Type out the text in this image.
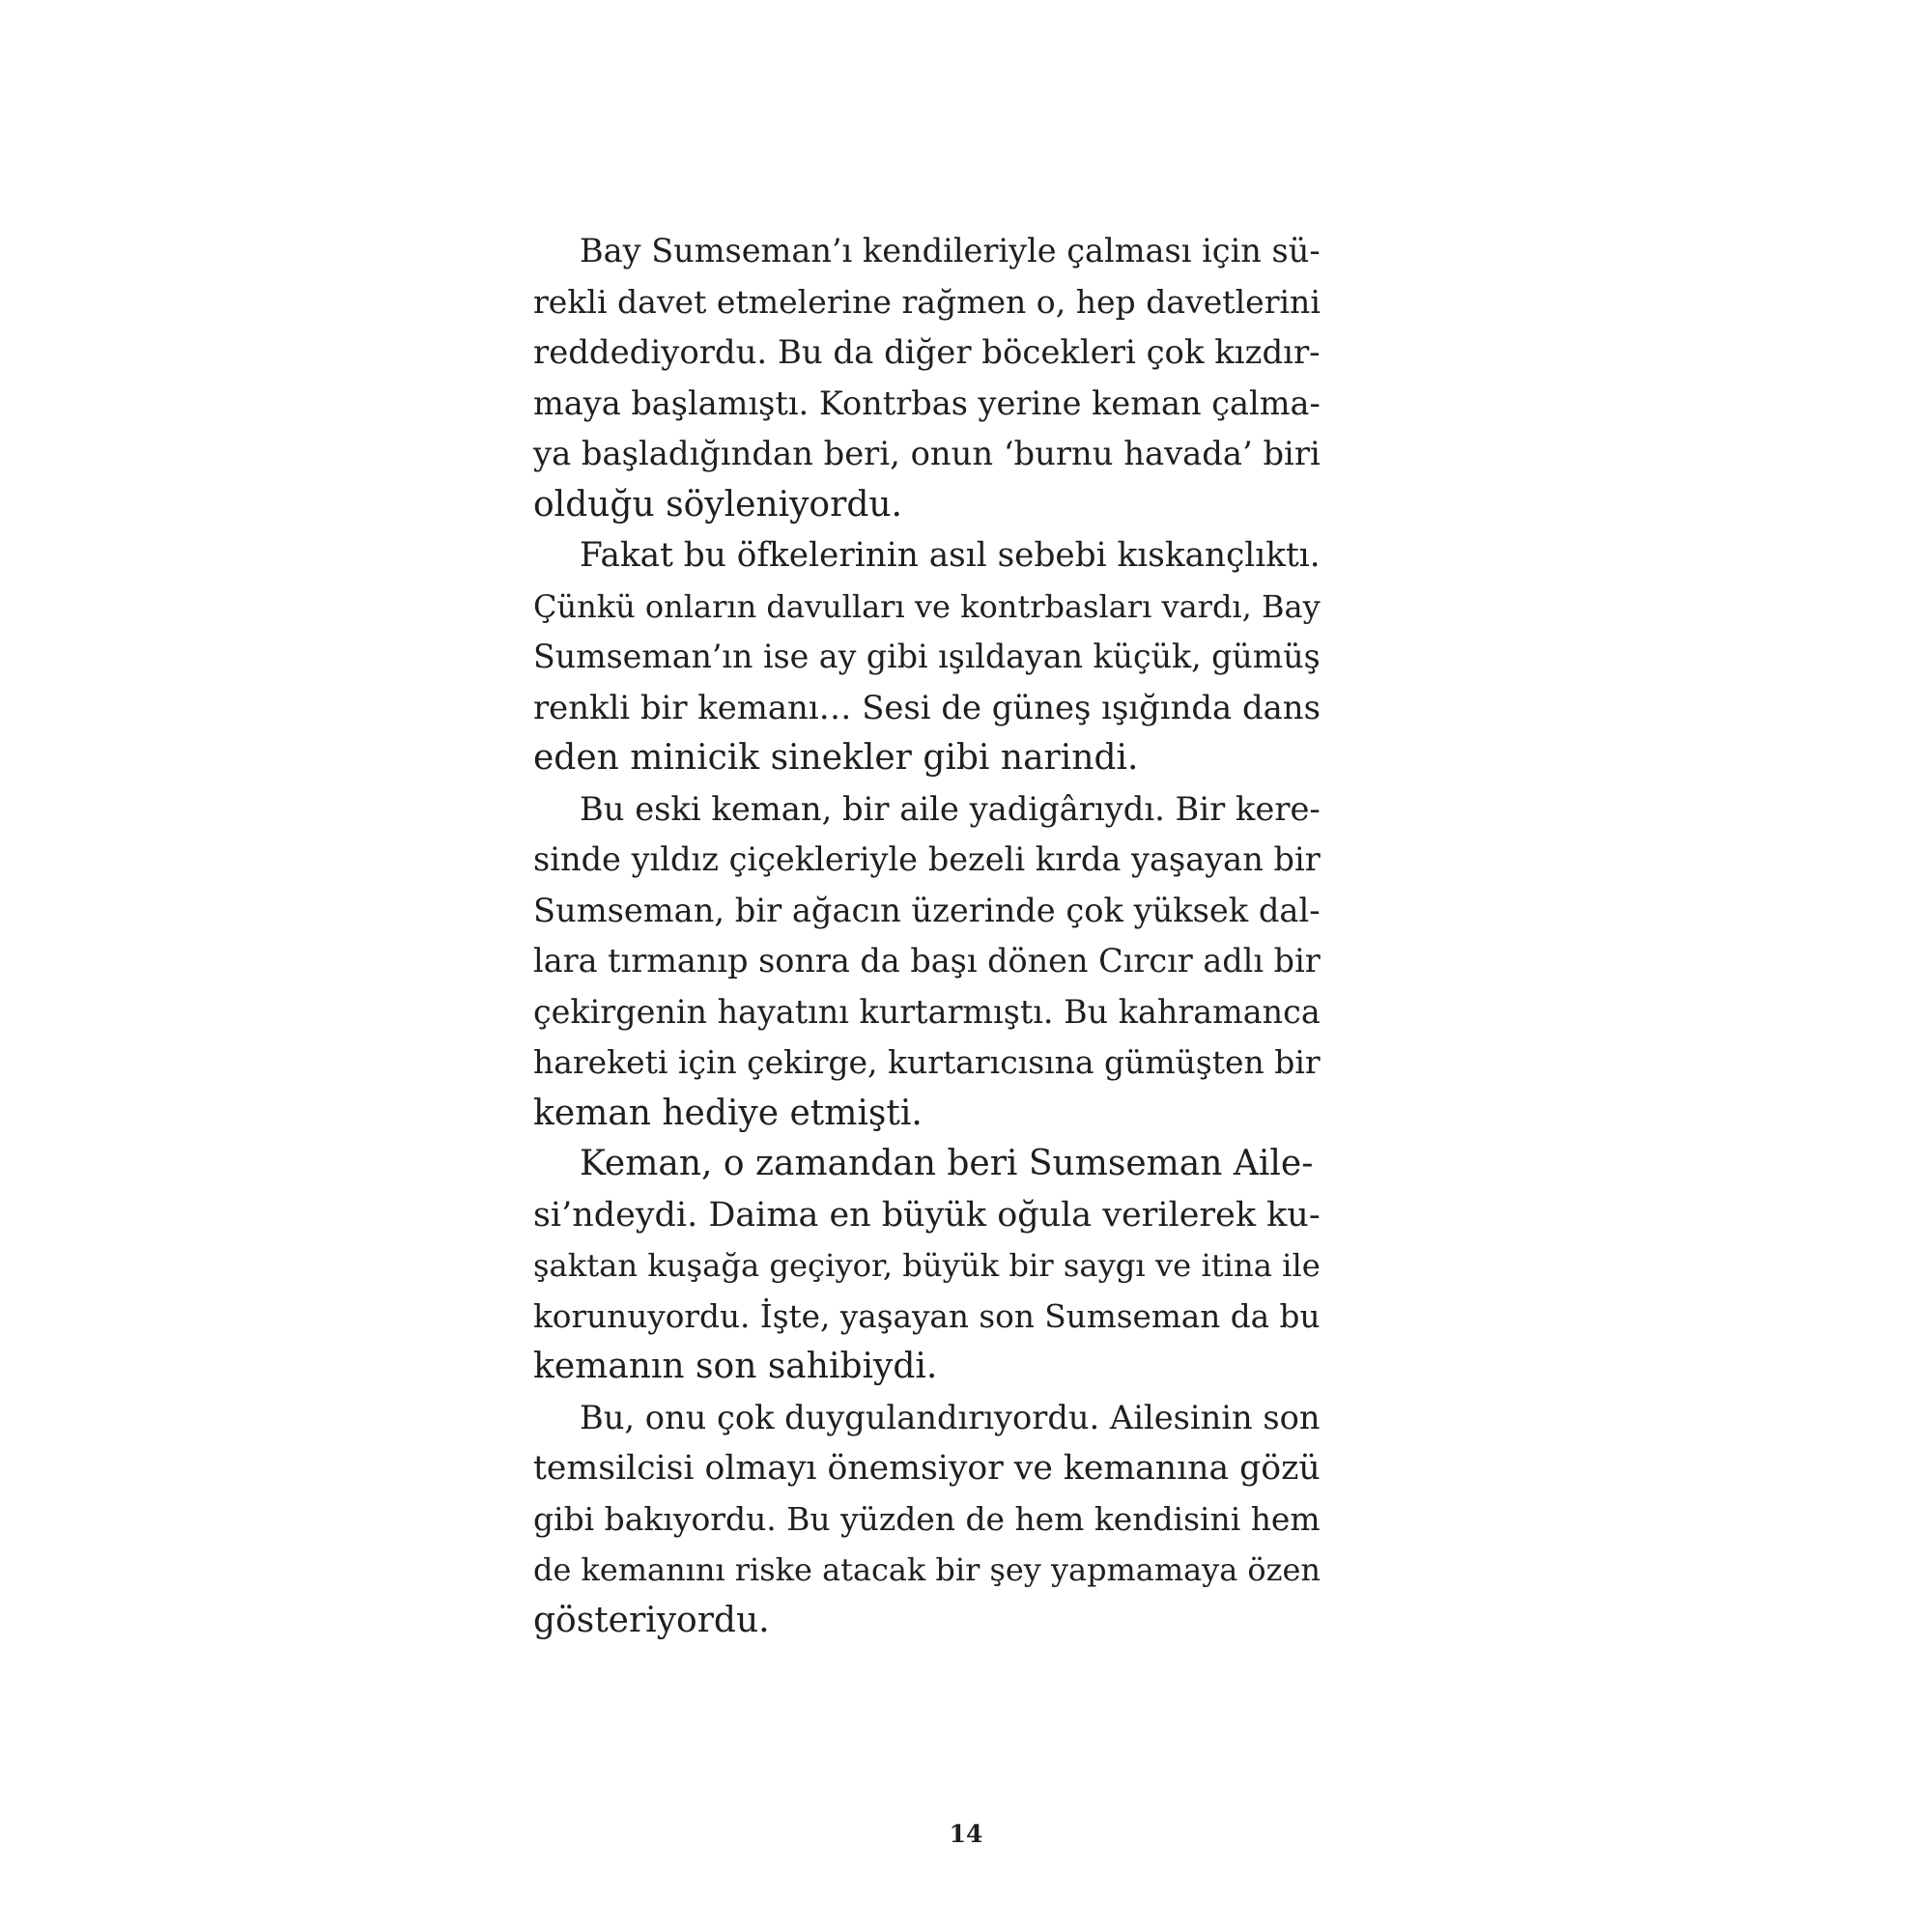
Bay Sumseman’ı kendileriyle çalması için sü-
rekli davet etmelerine rağmen o, hep davetlerini
reddediyordu. Bu da diğer böcekleri çok kızdır-
maya başlamıştı. Kontrbas yerine keman çalma-
ya başladığından beri, onun ‘burnu havada’ biri
olduğu söyleniyordu.
Fakat bu öfkelerinin asıl sebebi kıskançlıktı.
Çünkü onların davulları ve kontrbasları vardı, Bay
Sumseman’ın ise ay gibi ışıldayan küçük, gümüş
renkli bir kemanı… Sesi de güneş ışığında dans
eden minicik sinekler gibi narindi.
Bu eski keman, bir aile yadigârıydı. Bir kere-
sinde yıldız çiçekleriyle bezeli kırda yaşayan bir
Sumseman, bir ağacın üzerinde çok yüksek dal-
lara tırmanıp sonra da başı dönen Cırcır adlı bir
çekirgenin hayatını kurtarmıştı. Bu kahramanca
hareketi için çekirge, kurtarıcısına gümüşten bir
keman hediye etmişti.
Keman, o zamandan beri Sumseman Aile-
si’ndeydi. Daima en büyük oğula verilerek ku-
şaktan kuşağa geçiyor, büyük bir saygı ve itina ile
korunuyordu. İşte, yaşayan son Sumseman da bu
kemanın son sahibiydi.
Bu, onu çok duygulandırıyordu. Ailesinin son
temsilcisi olmayı önemsiyor ve kemanına gözü
gibi bakıyordu. Bu yüzden de hem kendisini hem
de kemanını riske atacak bir şey yapmamaya özen
gösteriyordu.
14
